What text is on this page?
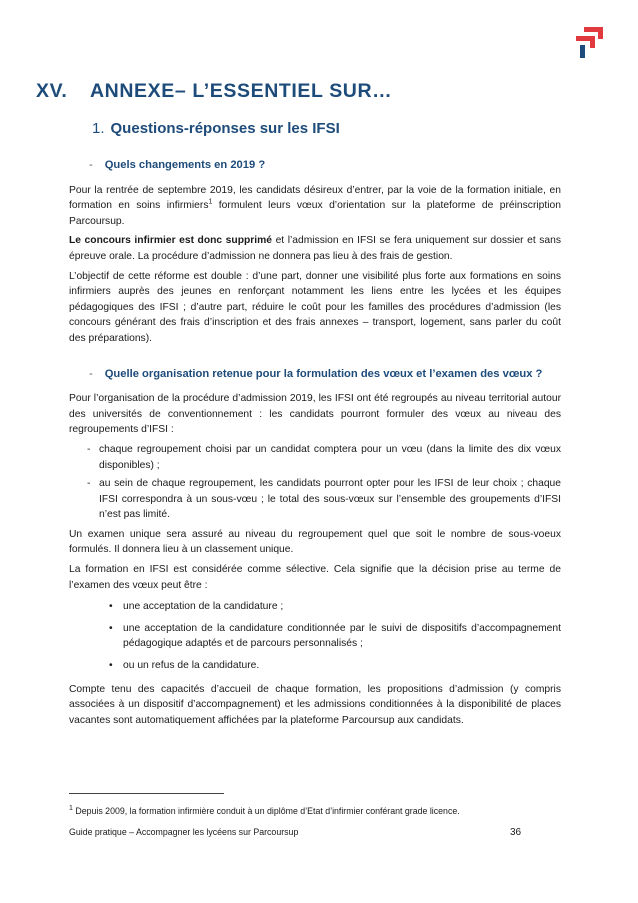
XV. ANNEXE– L’ESSENTIEL SUR…
1. Questions-réponses sur les IFSI
- Quels changements en 2019 ?

Pour la rentrée de septembre 2019, les candidats désireux d’entrer, par la voie de la formation initiale, en formation en soins infirmiers$^1$ formulent leurs vœux d’orientation sur la plateforme de préinscription Parcoursup.

Le concours infirmier est donc supprimé et l’admission en IFSI se fera uniquement sur dossier et sans épreuve orale. La procédure d’admission ne donnera pas lieu à des frais de gestion.

L’objectif de cette réforme est double : d’une part, donner une visibilité plus forte aux formations en soins infirmiers auprès des jeunes en renforçant notamment les liens entre les lycées et les équipes pédagogiques des IFSI ; d’autre part, réduire le coût pour les familles des procédures d’admission (les concours générant des frais d’inscription et des frais annexes – transport, logement, sans parler du coût des préparations).

- Quelle organisation retenue pour la formulation des vœux et l’examen des vœux ?

Pour l’organisation de la procédure d’admission 2019, les IFSI ont été regroupés au niveau territorial autour des universités de conventionnement : les candidats pourront formuler des vœux au niveau des regroupements d’IFSI :

- chaque regroupement choisi par un candidat comptera pour un vœu (dans la limite des dix vœux disponibles) ;
- au sein de chaque regroupement, les candidats pourront opter pour les IFSI de leur choix ; chaque IFSI correspondra à un sous-vœu ; le total des sous-vœux sur l’ensemble des groupements d’IFSI n’est pas limité.

Un examen unique sera assuré au niveau du regroupement quel que soit le nombre de sous-voeux formulés. Il donnera lieu à un classement unique.

La formation en IFSI est considérée comme sélective. Cela signifie que la décision prise au terme de l’examen des vœux peut être :

• une acceptation de la candidature ;
• une acceptation de la candidature conditionnée par le suivi de dispositifs d’accompagnement pédagogique adaptés et de parcours personnalisés ;
• ou un refus de la candidature.

Compte tenu des capacités d’accueil de chaque formation, les propositions d’admission (y compris associées à un dispositif d’accompagnement) et les admissions conditionnées à la disponibilité de places vacantes sont automatiquement affichées par la plateforme Parcoursup aux candidats.

$^1$ Depuis 2009, la formation infirmière conduit à un diplôme d’Etat d’infirmier conférant grade licence.
Guide pratique – Accompagner les lycéens sur Parcoursup	36
